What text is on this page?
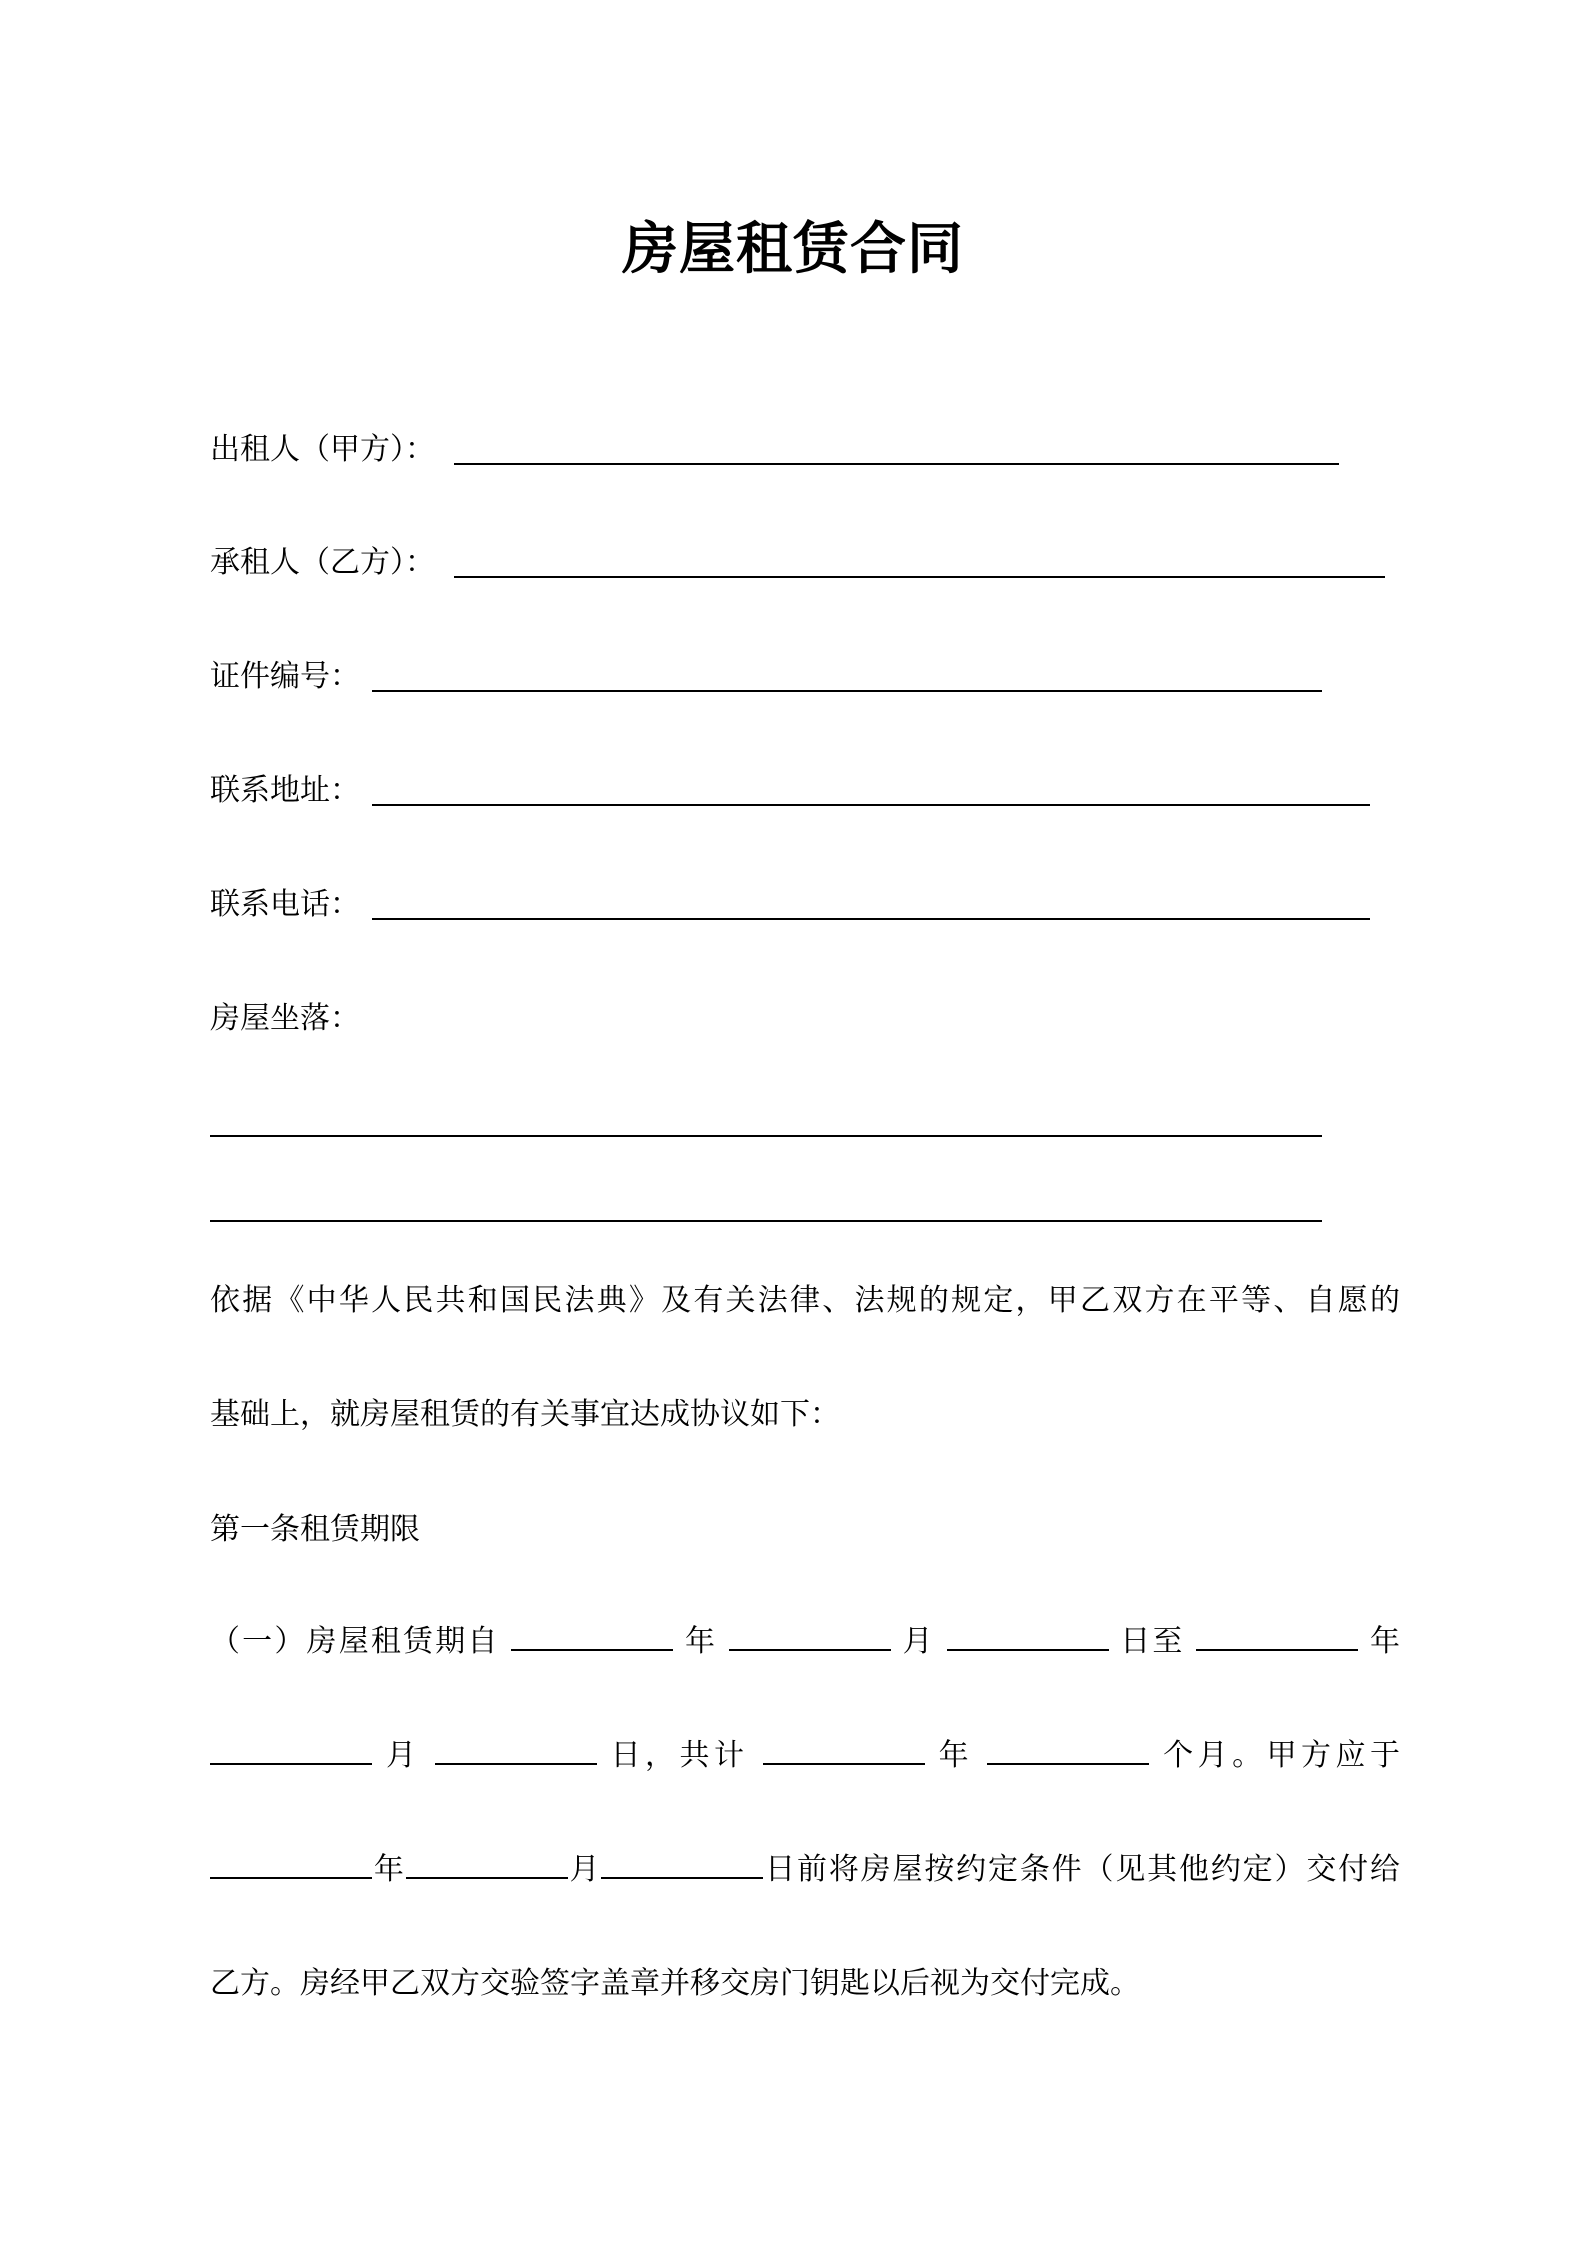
房屋租赁合同
出租人（甲方）：
承租人（乙方）：
证件编号：
联系地址：
联系电话：
房屋坐落：
依据《中华人民共和国民法典》及有关法律、法规的规定，甲乙双方在平等、自愿的
基础上，就房屋租赁的有关事宜达成协议如下：
第一条租赁期限
（一）房屋租赁期自	年	月	日至	年
月	日，共计	年	个月。甲方应于
年	月	日前将房屋按约定条件（见其他约定）交付给
乙方。房经甲乙双方交验签字盖章并移交房门钥匙以后视为交付完成。
